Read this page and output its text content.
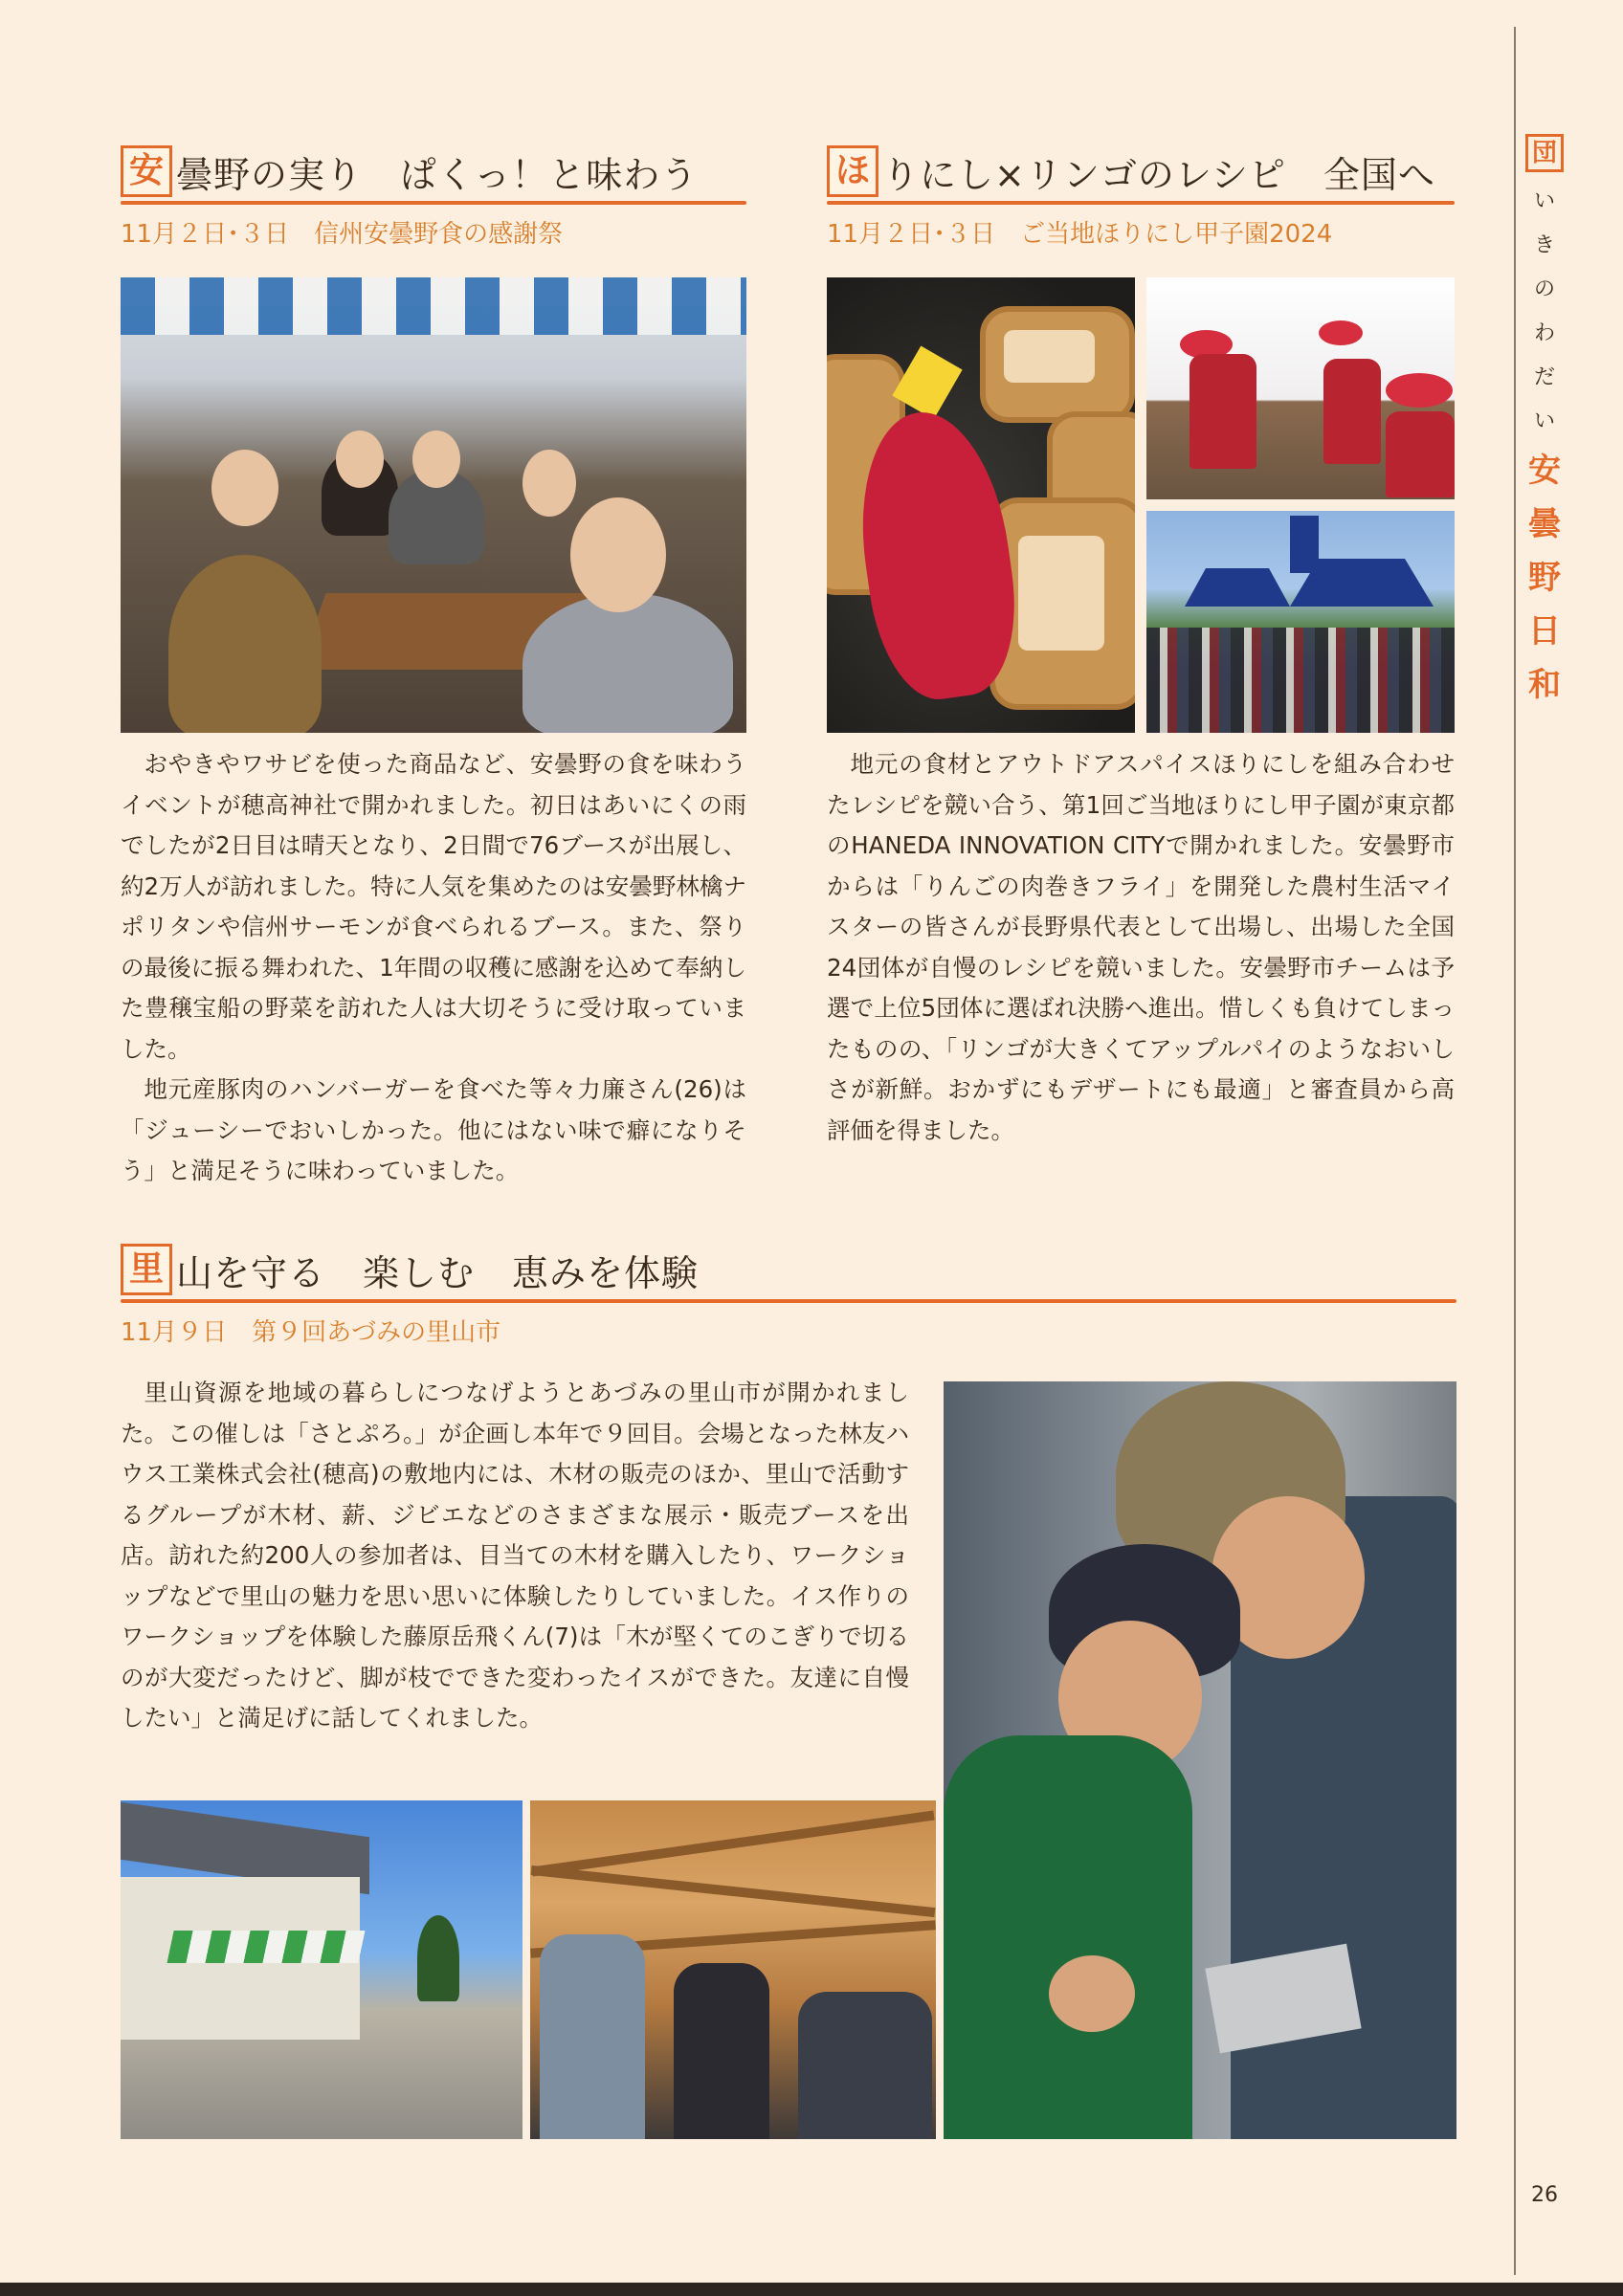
団
い
き
の
わ
だ
い
安
曇
野
日
和
安 曇野の実り　ぱくっ！と味わう
11月２日･３日　信州安曇野食の感謝祭

おやきやワサビを使った商品など、安曇野の食を味わうイベントが穂高神社で開かれました。初日はあいにくの雨でしたが2日目は晴天となり、2日間で76ブースが出展し、約2万人が訪れました。特に人気を集めたのは安曇野林檎ナポリタンや信州サーモンが食べられるブース。また、祭りの最後に振る舞われた、1年間の収穫に感謝を込めて奉納した豊穣宝船の野菜を訪れた人は大切そうに受け取っていました。

地元産豚肉のハンバーガーを食べた等々力廉さん(26)は「ジューシーでおいしかった。他にはない味で癖になりそう」と満足そうに味わっていました。

ほ りにし×リンゴのレシピ　全国へ
11月２日･３日　ご当地ほりにし甲子園2024

地元の食材とアウトドアスパイスほりにしを組み合わせたレシピを競い合う、第1回ご当地ほりにし甲子園が東京都のHANEDA INNOVATION CITYで開かれました。安曇野市からは「りんごの肉巻きフライ」を開発した農村生活マイスターの皆さんが長野県代表として出場し、出場した全国24団体が自慢のレシピを競いました。安曇野市チームは予選で上位5団体に選ばれ決勝へ進出。惜しくも負けてしまったものの、「リンゴが大きくてアップルパイのようなおいしさが新鮮。おかずにもデザートにも最適」と審査員から高評価を得ました。

里 山を守る　楽しむ　恵みを体験
11月９日　第９回あづみの里山市

里山資源を地域の暮らしにつなげようとあづみの里山市が開かれました。この催しは「さとぷろ。」が企画し本年で９回目。会場となった林友ハウス工業株式会社(穂高)の敷地内には、木材の販売のほか、里山で活動するグループが木材、薪、ジビエなどのさまざまな展示・販売ブースを出店。訪れた約200人の参加者は、目当ての木材を購入したり、ワークショップなどで里山の魅力を思い思いに体験したりしていました。イス作りのワークショップを体験した藤原岳飛くん(7)は「木が堅くてのこぎりで切るのが大変だったけど、脚が枝でできた変わったイスができた。友達に自慢したい」と満足げに話してくれました。

26
